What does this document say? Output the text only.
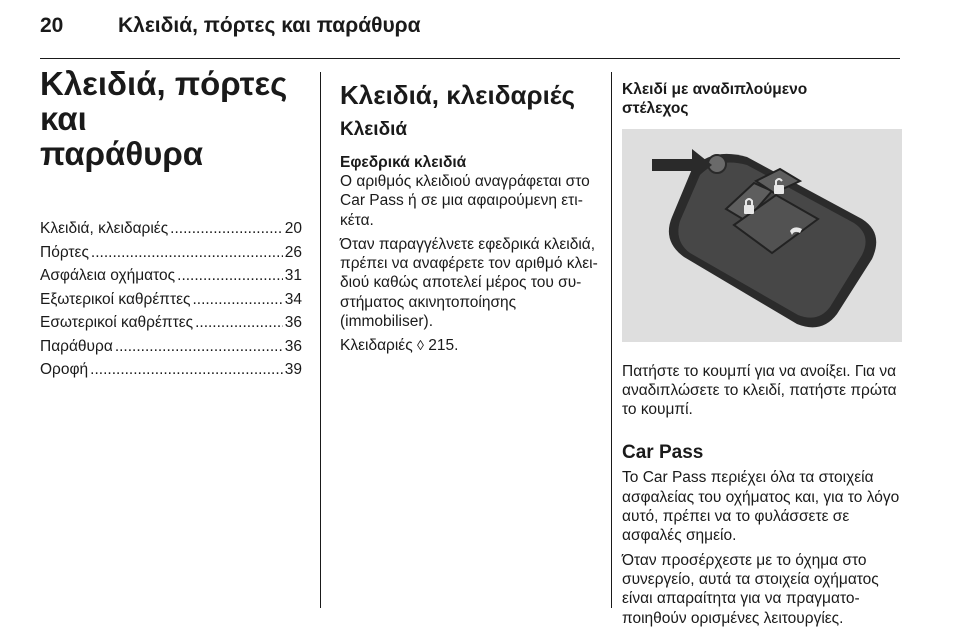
20	Κλειδιά, πόρτες και παράθυρα
Κλειδιά, πόρτες και
παράθυρα
Κλειδιά, κλειδαριές .....	20
Πόρτες .....	26
Ασφάλεια οχήματος .....	31
Εξωτερικοί καθρέπτες .....	34
Εσωτερικοί καθρέπτες .....	36
Παράθυρα .....	36
Οροφή .....	39
Κλειδιά, κλειδαριές
Κλειδιά
Εφεδρικά κλειδιά

Ο αριθμός κλειδιού αναγράφεται στο Car Pass ή σε μια αφαιρούμενη ετι-κέτα.

Όταν παραγγέλνετε εφεδρικά κλειδιά, πρέπει να αναφέρετε τον αριθμό κλει-διού καθώς αποτελεί μέρος του συ-στήματος ακινητοποίησης (immobiliser).

Κλειδαριές ◊ 215.

Κλειδί με αναδιπλούμενο
στέλεχος

Πατήστε το κουμπί για να ανοίξει. Για να αναδιπλώσετε το κλειδί, πατήστε πρώτα το κουμπί.

Car Pass

Το Car Pass περιέχει όλα τα στοιχεία ασφαλείας του οχήματος και, για το λόγο αυτό, πρέπει να το φυλάσσετε σε ασφαλές σημείο.

Όταν προσέρχεστε με το όχημα στο συνεργείο, αυτά τα στοιχεία οχήματος είναι απαραίτητα για να πραγματο-ποιηθούν ορισμένες λειτουργίες.
